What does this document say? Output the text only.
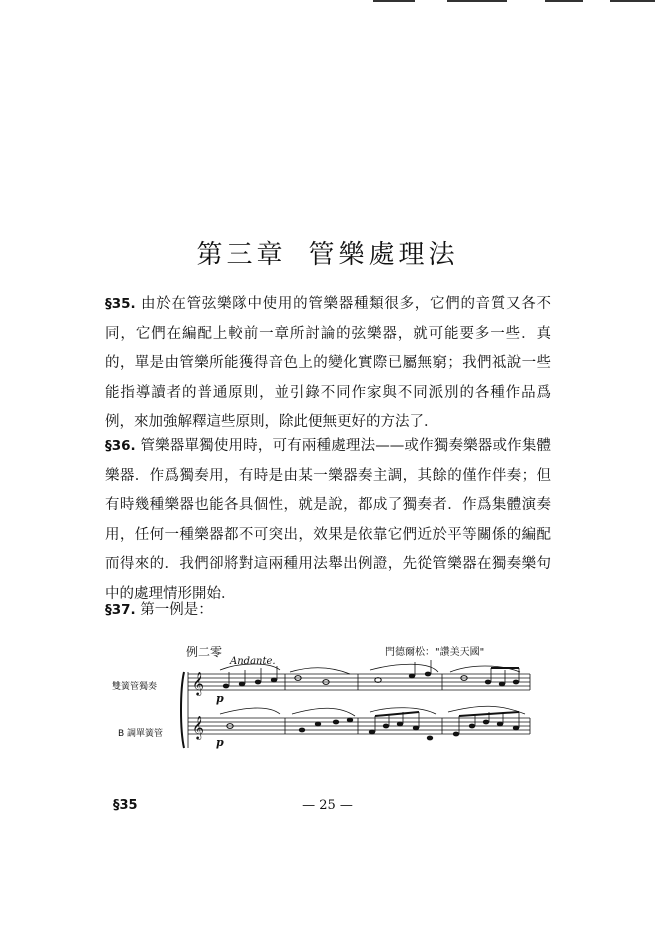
第三章 管樂處理法
§35. 由於在管弦樂隊中使用的管樂器種類很多，它們的音質又各不同，它們在編配上較前一章所討論的弦樂器，就可能要多一些．真的，單是由管樂所能獲得音色上的變化實際已屬無窮；我們祗說一些能指導讀者的普通原則，並引錄不同作家與不同派別的各種作品爲例，來加強解釋這些原則，除此便無更好的方法了．
§36. 管樂器單獨使用時，可有兩種處理法——或作獨奏樂器或作集體樂器．作爲獨奏用，有時是由某一樂器奏主調，其餘的僅作伴奏；但有時幾種樂器也能各具個性，就是說，都成了獨奏者．作爲集體演奏用，任何一種樂器都不可突出，效果是依靠它們近於平等關係的編配而得來的．我們卻將對這兩種用法舉出例證，先從管樂器在獨奏樂句中的處理情形開始．
§37. 第一例是：
例二零	門德爾松："讚美天國"
Andante.
雙簧管獨奏
B 調單簧管
𝄞
𝄞
p
p
§35	— 25 —
